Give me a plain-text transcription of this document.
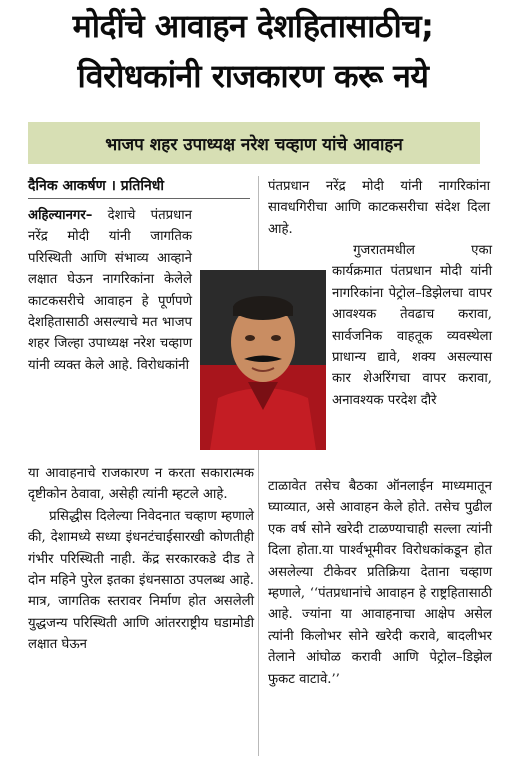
मोदींचे आवाहन देशहितासाठीच;
विरोधकांनी राजकारण करू नये
भाजप शहर उपाध्यक्ष नरेश चव्हाण यांचे आवाहन
दैनिक आकर्षण । प्रतिनिधी

अहिल्यानगर– देशाचे पंतप्रधान नरेंद्र मोदी यांनी जागतिक परिस्थिती आणि संभाव्य आव्हाने लक्षात घेऊन नागरिकांना केलेले काटकसरीचे आवाहन हे पूर्णपणे देशहितासाठी असल्याचे मत भाजप शहर जिल्हा उपाध्यक्ष नरेश चव्हाण यांनी व्यक्त केले आहे. विरोधकांनी

या आवाहनाचे राजकारण न करता सकारात्मक दृष्टीकोन ठेवावा, असेही त्यांनी म्हटले आहे.

प्रसिद्धीस दिलेल्या निवेदनात चव्हाण म्हणाले की, देशामध्ये सध्या इंधनटंचाईसारखी कोणतीही गंभीर परिस्थिती नाही. केंद्र सरकारकडे दीड ते दोन महिने पुरेल इतका इंधनसाठा उपलब्ध आहे. मात्र, जागतिक स्तरावर निर्माण होत असलेली युद्धजन्य परिस्थिती आणि आंतरराष्ट्रीय घडामोडी लक्षात घेऊन

पंतप्रधान नरेंद्र मोदी यांनी नागरिकांना सावधगिरीचा आणि काटकसरीचा संदेश दिला आहे.

गुजरातमधील एका कार्यक्रमात पंतप्रधान मोदी यांनी नागरिकांना पेट्रोल–डिझेलचा वापर आवश्यक तेवढाच करावा, सार्वजनिक वाहतूक व्यवस्थेला प्राधान्य द्यावे, शक्य असल्यास कार शेअरिंगचा वापर करावा, अनावश्यक परदेश दौरे

टाळावेत तसेच बैठका ऑनलाईन माध्यमातून घ्याव्यात, असे आवाहन केले होते. तसेच पुढील एक वर्ष सोने खरेदी टाळण्याचाही सल्ला त्यांनी दिला होता.या पार्श्वभूमीवर विरोधकांकडून होत असलेल्या टीकेवर प्रतिक्रिया देताना चव्हाण म्हणाले, ‘‘पंतप्रधानांचे आवाहन हे राष्ट्रहितासाठी आहे. ज्यांना या आवाहनाचा आक्षेप असेल त्यांनी किलोभर सोने खरेदी करावे, बादलीभर तेलाने आंघोळ करावी आणि पेट्रोल–डिझेल फुकट वाटावे.’’
